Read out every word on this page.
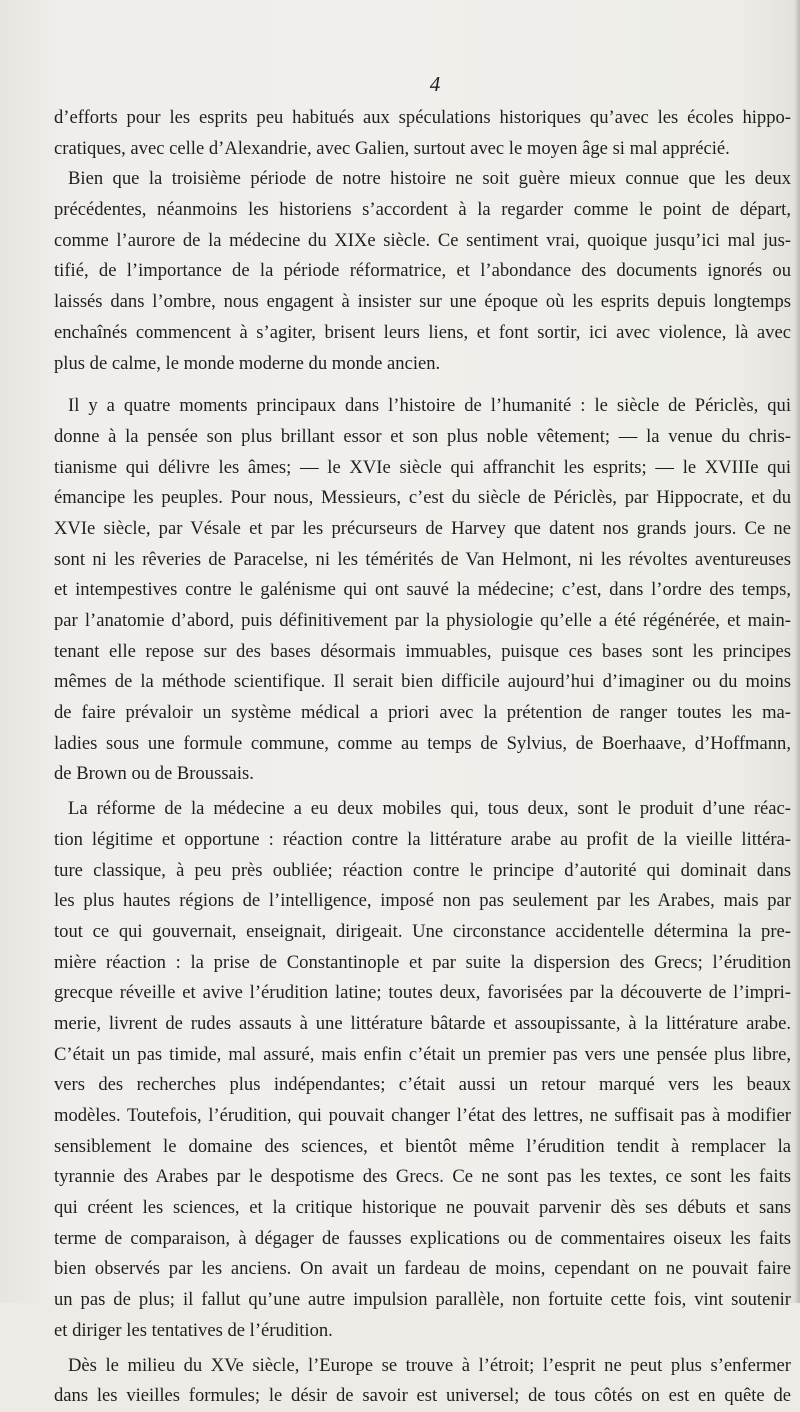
4
d’efforts pour les esprits peu habitués aux spéculations historiques qu’avec les écoles hippo-
cratiques, avec celle d’Alexandrie, avec Galien, surtout avec le moyen âge si mal apprécié.
Bien que la troisième période de notre histoire ne soit guère mieux connue que les deux
précédentes, néanmoins les historiens s’accordent à la regarder comme le point de départ,
comme l’aurore de la médecine du XIXe siècle. Ce sentiment vrai, quoique jusqu’ici mal jus-
tifié, de l’importance de la période réformatrice, et l’abondance des documents ignorés ou
laissés dans l’ombre, nous engagent à insister sur une époque où les esprits depuis longtemps
enchaînés commencent à s’agiter, brisent leurs liens, et font sortir, ici avec violence, là avec
plus de calme, le monde moderne du monde ancien.
Il y a quatre moments principaux dans l’histoire de l’humanité : le siècle de Périclès, qui
donne à la pensée son plus brillant essor et son plus noble vêtement; — la venue du chris-
tianisme qui délivre les âmes; — le XVIe siècle qui affranchit les esprits; — le XVIIIe qui
émancipe les peuples. Pour nous, Messieurs, c’est du siècle de Périclès, par Hippocrate, et du
XVIe siècle, par Vésale et par les précurseurs de Harvey que datent nos grands jours. Ce ne
sont ni les rêveries de Paracelse, ni les témérités de Van Helmont, ni les révoltes aventureuses
et intempestives contre le galénisme qui ont sauvé la médecine; c’est, dans l’ordre des temps,
par l’anatomie d’abord, puis définitivement par la physiologie qu’elle a été régénérée, et main-
tenant elle repose sur des bases désormais immuables, puisque ces bases sont les principes
mêmes de la méthode scientifique. Il serait bien difficile aujourd’hui d’imaginer ou du moins
de faire prévaloir un système médical a priori avec la prétention de ranger toutes les ma-
ladies sous une formule commune, comme au temps de Sylvius, de Boerhaave, d’Hoffmann,
de Brown ou de Broussais.
La réforme de la médecine a eu deux mobiles qui, tous deux, sont le produit d’une réac-
tion légitime et opportune : réaction contre la littérature arabe au profit de la vieille littéra-
ture classique, à peu près oubliée; réaction contre le principe d’autorité qui dominait dans
les plus hautes régions de l’intelligence, imposé non pas seulement par les Arabes, mais par
tout ce qui gouvernait, enseignait, dirigeait. Une circonstance accidentelle détermina la pre-
mière réaction : la prise de Constantinople et par suite la dispersion des Grecs; l’érudition
grecque réveille et avive l’érudition latine; toutes deux, favorisées par la découverte de l’impri-
merie, livrent de rudes assauts à une littérature bâtarde et assoupissante, à la littérature arabe.
C’était un pas timide, mal assuré, mais enfin c’était un premier pas vers une pensée plus libre,
vers des recherches plus indépendantes; c’était aussi un retour marqué vers les beaux
modèles. Toutefois, l’érudition, qui pouvait changer l’état des lettres, ne suffisait pas à modifier
sensiblement le domaine des sciences, et bientôt même l’érudition tendit à remplacer la
tyrannie des Arabes par le despotisme des Grecs. Ce ne sont pas les textes, ce sont les faits
qui créent les sciences, et la critique historique ne pouvait parvenir dès ses débuts et sans
terme de comparaison, à dégager de fausses explications ou de commentaires oiseux les faits
bien observés par les anciens. On avait un fardeau de moins, cependant on ne pouvait faire
un pas de plus; il fallut qu’une autre impulsion parallèle, non fortuite cette fois, vint soutenir
et diriger les tentatives de l’érudition.
Dès le milieu du XVe siècle, l’Europe se trouve à l’étroit; l’esprit ne peut plus s’enfermer
dans les vieilles formules; le désir de savoir est universel; de tous côtés on est en quête de
